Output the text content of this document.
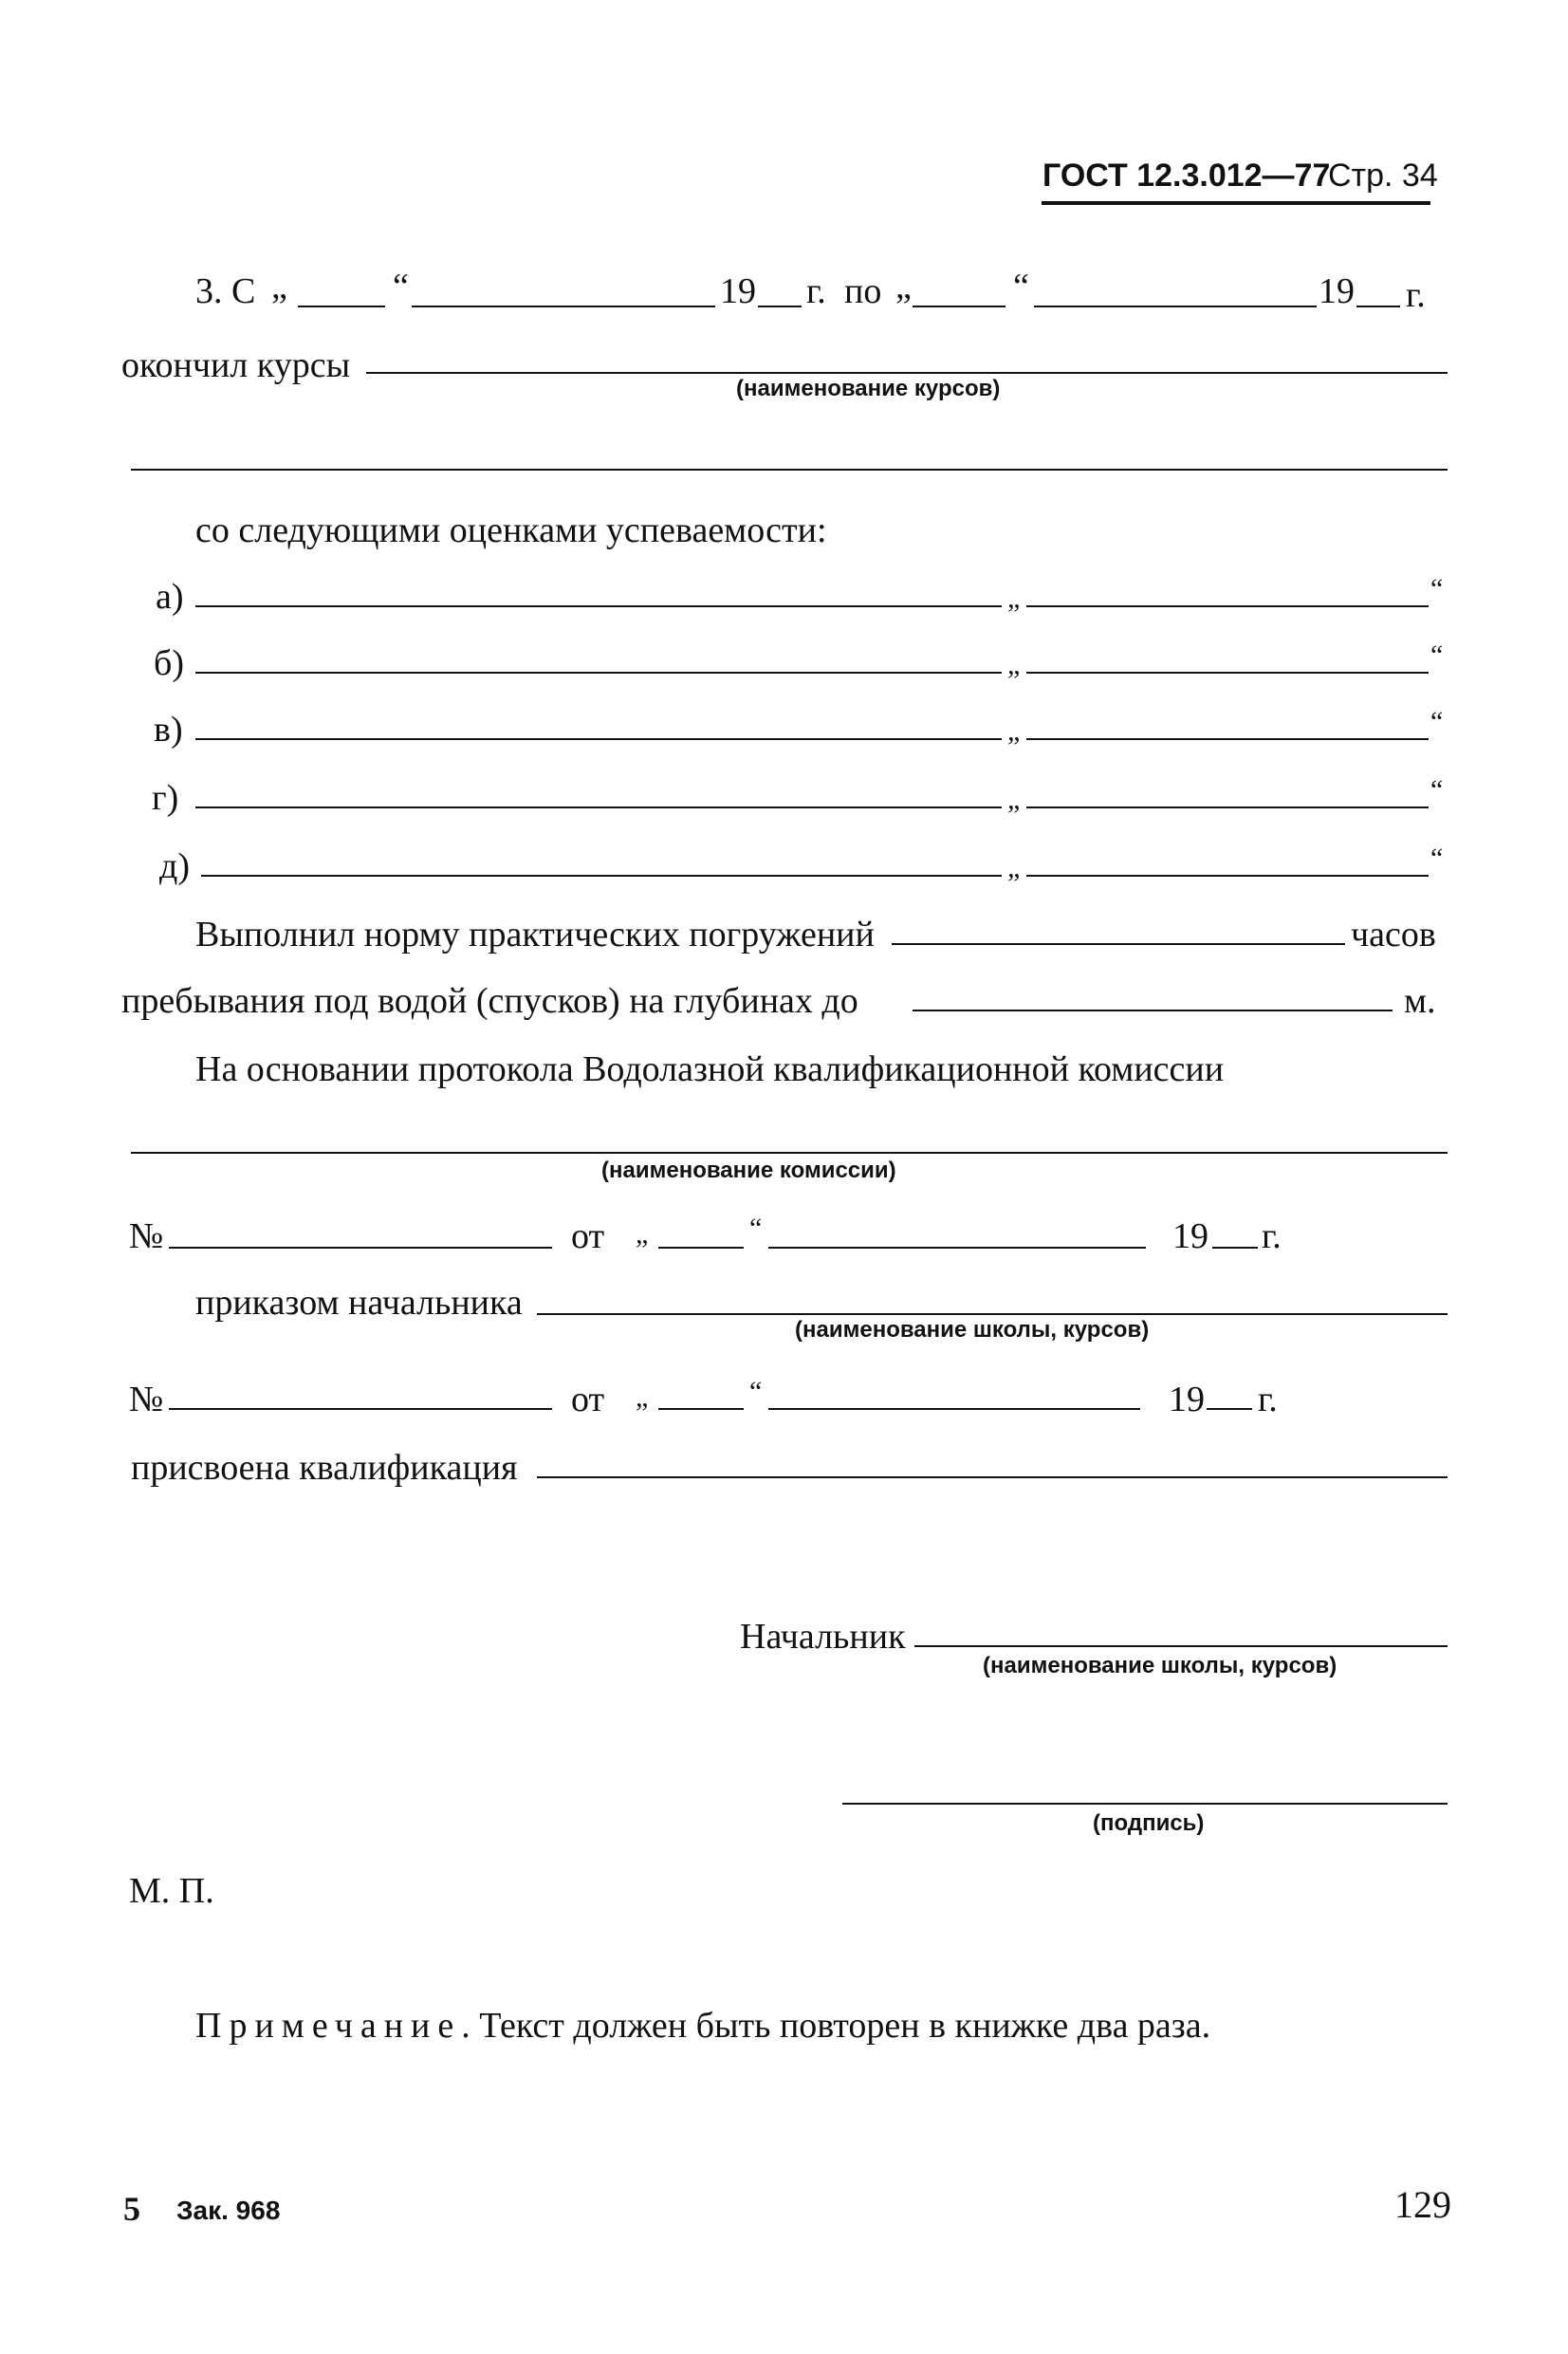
ГОСТ 12.3.012—77
Стр. 34
3. С „	“	19 г. по „	“	19 г.
окончил курсы
(наименование курсов)
со следующими оценками успеваемости:
а)	„	“
б)	„	“
в)	„	“
г)	„	“
д)	„	“
Выполнил норму практических погружений	часов
пребывания под водой (спусков) на глубинах до	м.
На основании протокола Водолазной квалификационной комиссии
(наименование комиссии)
№	от „	“	19 г.
приказом начальника
(наименование школы, курсов)
№	от „	“	19 г.
присвоена квалификация
Начальник
(наименование школы, курсов)
(подпись)
М. П.
Примечание. Текст должен быть повторен в книжке два раза.
5 Зак. 968	129
